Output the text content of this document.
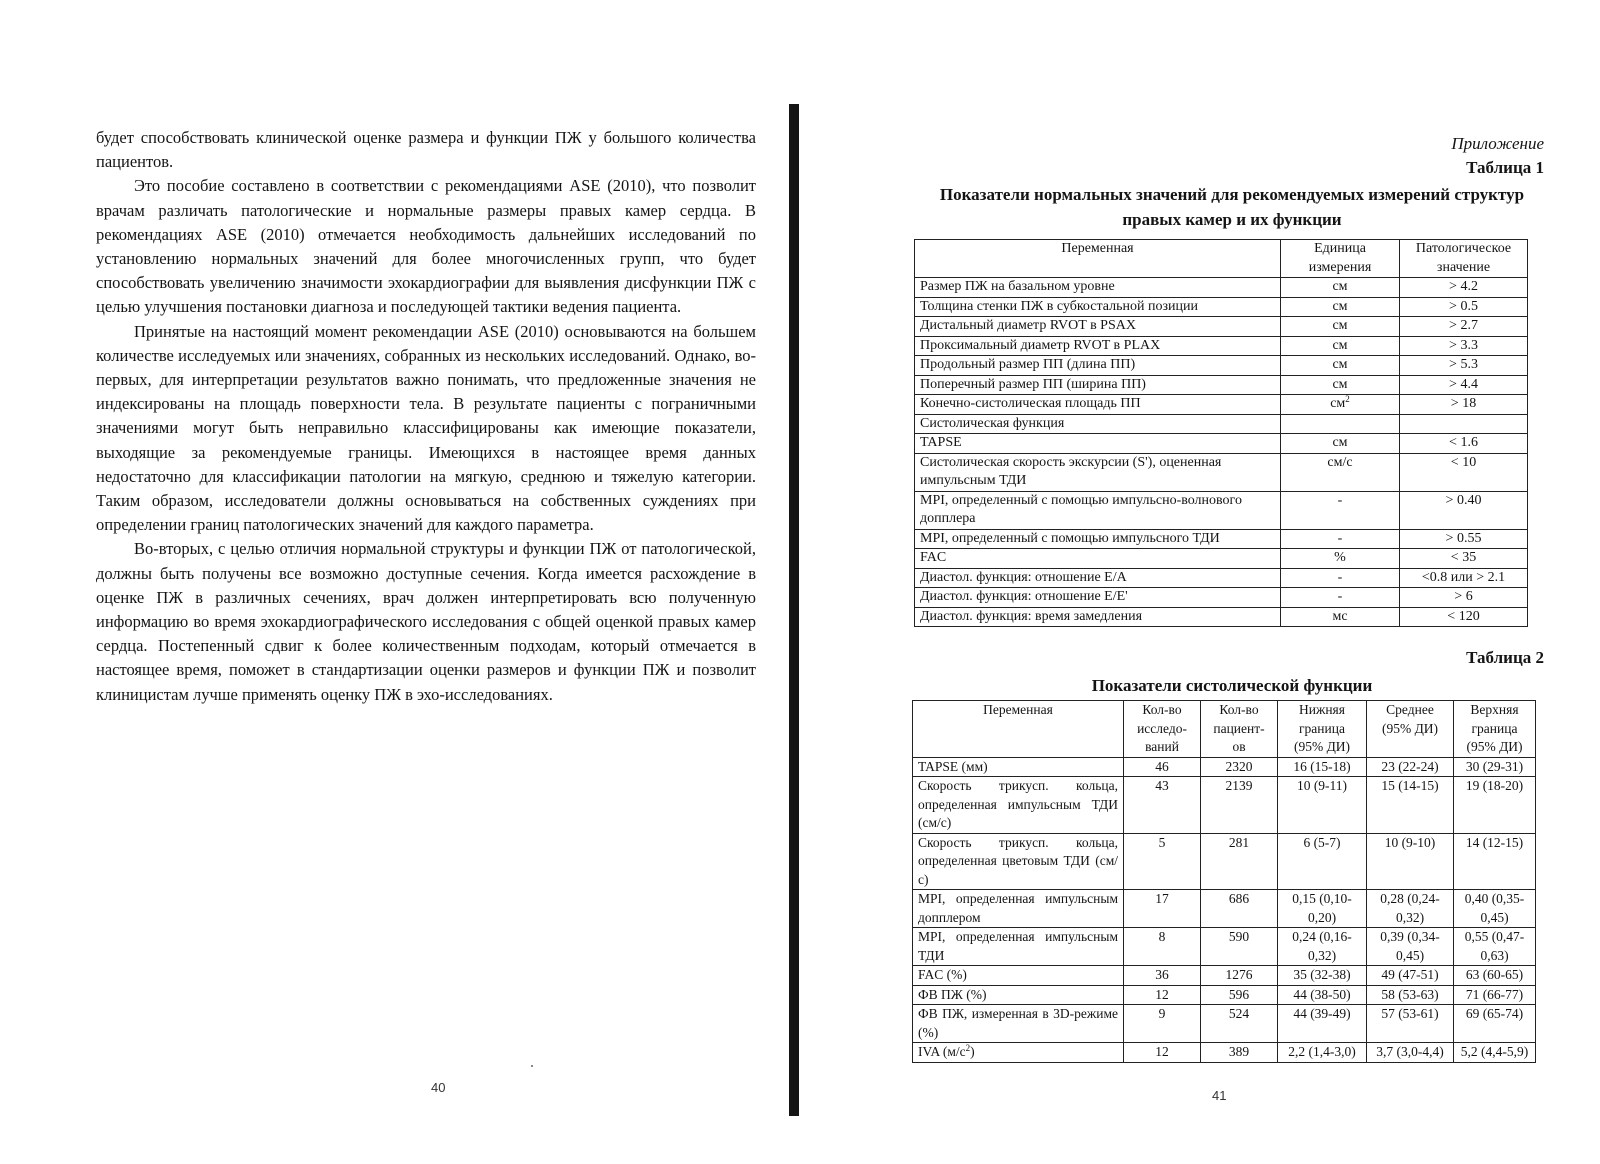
будет способствовать клинической оценке размера и функции ПЖ у большого количества пациентов.

Это пособие составлено в соответствии с рекомендациями ASE (2010), что позволит врачам различать патологические и нормальные размеры правых камер сердца. В рекомендациях ASE (2010) отмечается необходимость дальнейших исследований по установлению нормальных значений для более многочисленных групп, что будет способствовать увеличению значимости эхокардиографии для выявления дисфункции ПЖ с целью улучшения постановки диагноза и последующей тактики ведения пациента.

Принятые на настоящий момент рекомендации ASE (2010) основываются на большем количестве исследуемых или значениях, собранных из нескольких исследований. Однако, во-первых, для интерпретации результатов важно понимать, что предложенные значения не индексированы на площадь поверхности тела. В результате пациенты с пограничными значениями могут быть неправильно классифицированы как имеющие показатели, выходящие за рекомендуемые границы. Имеющихся в настоящее время данных недостаточно для классификации патологии на мягкую, среднюю и тяжелую категории. Таким образом, исследователи должны основываться на собственных суждениях при определении границ патологических значений для каждого параметра.

Во-вторых, с целью отличия нормальной структуры и функции ПЖ от патологической, должны быть получены все возможно доступные сечения. Когда имеется расхождение в оценке ПЖ в различных сечениях, врач должен интерпретировать всю полученную информацию во время эхокардиографического исследования с общей оценкой правых камер сердца. Постепенный сдвиг к более количественным подходам, который отмечается в настоящее время, поможет в стандартизации оценки размеров и функции ПЖ и позволит клиницистам лучше применять оценку ПЖ в эхо-исследованиях.

40
Приложение
Таблица 1
Показатели нормальных значений для рекомендуемых измерений структур правых камер и их функции
Переменная	Единица измерения	Патологическое значение
Размер ПЖ на базальном уровне	см	> 4.2
Толщина стенки ПЖ в субкостальной позиции	см	> 0.5
Дистальный диаметр RVOT в PSAX	см	> 2.7
Проксимальный диаметр RVOT в PLAX	см	> 3.3
Продольный размер ПП (длина ПП)	см	> 5.3
Поперечный размер ПП (ширина ПП)	см	> 4.4
Конечно-систолическая площадь ПП	$см^2$	> 18
Систолическая функция		
TAPSE	см	< 1.6
Систолическая скорость экскурсии (S'), оцененная импульсным ТДИ	см/с	< 10
MPI, определенный с помощью импульсно-волнового допплера	-	> 0.40
MPI, определенный с помощью импульсного ТДИ	-	> 0.55
FAC	%	< 35
Диастол. функция: отношение E/A	-	<0.8 или > 2.1
Диастол. функция: отношение E/E'	-	> 6
Диастол. функция: время замедления	мс	< 120
Таблица 2
Показатели систолической функции
Переменная	Кол-во исследо- ваний	Кол-во пациент- ов	Нижняя граница (95% ДИ)	Среднее (95% ДИ)	Верхняя граница (95% ДИ)
TAPSE (мм)	46	2320	16 (15-18)	23 (22-24)	30 (29-31)
Скорость трикусп. кольца, определенная импульсным ТДИ (см/с)	43	2139	10 (9-11)	15 (14-15)	19 (18-20)
Скорость трикусп. кольца, определенная цветовым ТДИ (см/с)	5	281	6 (5-7)	10 (9-10)	14 (12-15)
MPI, определенная импульсным допплером	17	686	0,15 (0,10-0,20)	0,28 (0,24-0,32)	0,40 (0,35-0,45)
MPI, определенная импульсным ТДИ	8	590	0,24 (0,16-0,32)	0,39 (0,34-0,45)	0,55 (0,47-0,63)
FAC (%)	36	1276	35 (32-38)	49 (47-51)	63 (60-65)
ФВ ПЖ (%)	12	596	44 (38-50)	58 (53-63)	71 (66-77)
ФВ ПЖ, измеренная в 3D-режиме (%)	9	524	44 (39-49)	57 (53-61)	69 (65-74)
IVA $(м/с^2)$	12	389	2,2 (1,4-3,0)	3,7 (3,0-4,4)	5,2 (4,4-5,9)
41
